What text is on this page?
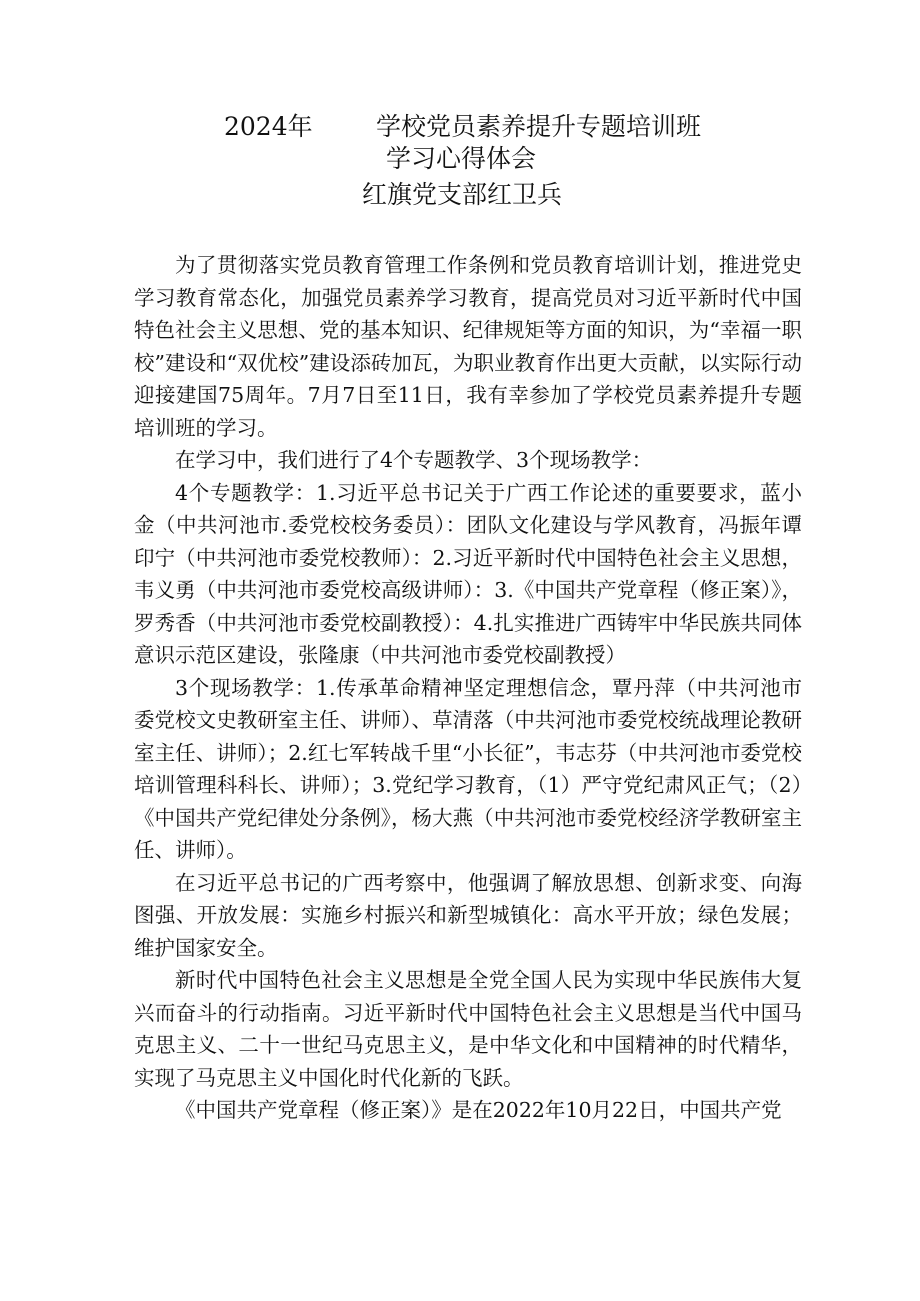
2024年	学校党员素养提升专题培训班
学习心得体会
红旗党支部红卫兵

为了贯彻落实党员教育管理工作条例和党员教育培训计划，推进党史学习教育常态化，加强党员素养学习教育，提高党员对习近平新时代中国特色社会主义思想、党的基本知识、纪律规矩等方面的知识，为“幸福一职校”建设和“双优校”建设添砖加瓦，为职业教育作出更大贡献，以实际行动迎接建国75周年。7月7日至11日，我有幸参加了学校党员素养提升专题培训班的学习。

在学习中，我们进行了4个专题教学、3个现场教学：

4个专题教学：1.习近平总书记关于广西工作论述的重要要求，蓝小金（中共河池市.委党校校务委员）：团队文化建设与学风教育，冯振年谭印宁（中共河池市委党校教师）：2.习近平新时代中国特色社会主义思想，韦义勇（中共河池市委党校高级讲师）：3.《中国共产党章程（修正案）》，罗秀香（中共河池市委党校副教授）：4.扎实推进广西铸牢中华民族共同体意识示范区建设，张隆康（中共河池市委党校副教授）

3个现场教学：1.传承革命精神坚定理想信念，覃丹萍（中共河池市委党校文史教研室主任、讲师）、草清落（中共河池市委党校统战理论教研室主任、讲师）；2.红七军转战千里“小长征”，韦志芬（中共河池市委党校培训管理科科长、讲师）；3.党纪学习教育，（1）严守党纪肃风正气；（2）《中国共产党纪律处分条例》，杨大燕（中共河池市委党校经济学教研室主任、讲师）。

在习近平总书记的广西考察中，他强调了解放思想、创新求变、向海图强、开放发展：实施乡村振兴和新型城镇化：高水平开放；绿色发展；维护国家安全。

新时代中国特色社会主义思想是全党全国人民为实现中华民族伟大复兴而奋斗的行动指南。习近平新时代中国特色社会主义思想是当代中国马克思主义、二十一世纪马克思主义，是中华文化和中国精神的时代精华，实现了马克思主义中国化时代化新的飞跃。

《中国共产党章程（修正案）》是在2022年10月22日，中国共产党
